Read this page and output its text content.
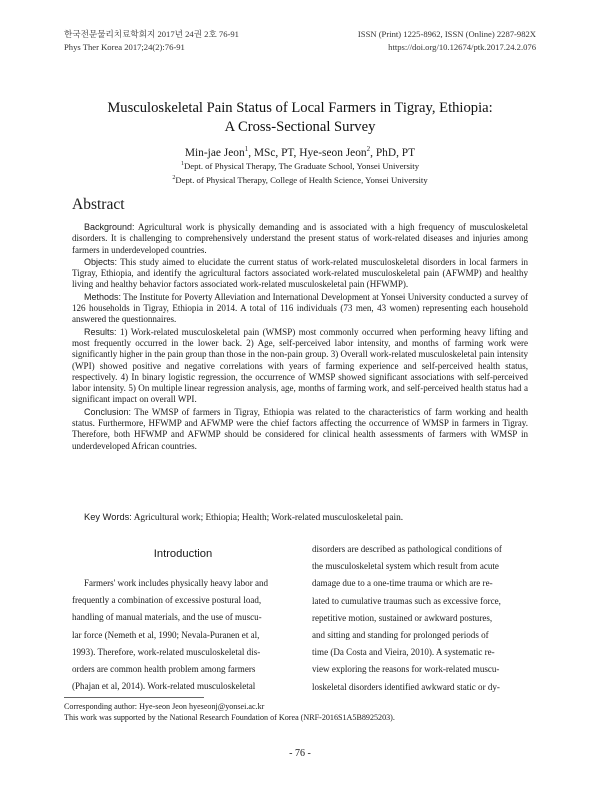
한국전문물리치료학회지 2017년 24권 2호 76-91
Phys Ther Korea 2017;24(2):76-91
ISSN (Print) 1225-8962, ISSN (Online) 2287-982X
https://doi.org/10.12674/ptk.2017.24.2.076
Musculoskeletal Pain Status of Local Farmers in Tigray, Ethiopia:
A Cross-Sectional Survey
Min-jae Jeon$^1$, MSc, PT, Hye-seon Jeon$^2$, PhD, PT
$^1$Dept. of Physical Therapy, The Graduate School, Yonsei University
$^2$Dept. of Physical Therapy, College of Health Science, Yonsei University
Abstract

Background: Agricultural work is physically demanding and is associated with a high frequency of musculoskeletal disorders. It is challenging to comprehensively understand the present status of work-related diseases and injuries among farmers in underdeveloped countries.

Objects: This study aimed to elucidate the current status of work-related musculoskeletal disorders in local farmers in Tigray, Ethiopia, and identify the agricultural factors associated work-related musculoskeletal pain (AFWMP) and healthy living and healthy behavior factors associated work-related musculoskeletal pain (HFWMP).

Methods: The Institute for Poverty Alleviation and International Development at Yonsei University conducted a survey of 126 households in Tigray, Ethiopia in 2014. A total of 116 individuals (73 men, 43 women) representing each household answered the questionnaires.

Results: 1) Work-related musculoskeletal pain (WMSP) most commonly occurred when performing heavy lifting and most frequently occurred in the lower back. 2) Age, self-perceived labor intensity, and months of farming work were significantly higher in the pain group than those in the non-pain group. 3) Overall work-related musculoskeletal pain intensity (WPI) showed positive and negative correlations with years of farming experience and self-perceived health status, respectively. 4) In binary logistic regression, the occurrence of WMSP showed significant associations with self-perceived labor intensity. 5) On multiple linear regression analysis, age, months of farming work, and self-perceived health status had a significant impact on overall WPI.

Conclusion: The WMSP of farmers in Tigray, Ethiopia was related to the characteristics of farm working and health status. Furthermore, HFWMP and AFWMP were the chief factors affecting the occurrence of WMSP in farmers in Tigray. Therefore, both HFWMP and AFWMP should be considered for clinical health assessments of farmers with WMSP in underdeveloped African countries.

Key Words: Agricultural work; Ethiopia; Health; Work-related musculoskeletal pain.
Introduction
Farmers' work includes physically heavy labor and
frequently a combination of excessive postural load,
handling of manual materials, and the use of muscu-
lar force (Nemeth et al, 1990; Nevala-Puranen et al,
1993). Therefore, work-related musculoskeletal dis-
orders are common health problem among farmers
(Phajan et al, 2014). Work-related musculoskeletal
disorders are described as pathological conditions of
the musculoskeletal system which result from acute
damage due to a one-time trauma or which are re-
lated to cumulative traumas such as excessive force,
repetitive motion, sustained or awkward postures,
and sitting and standing for prolonged periods of
time (Da Costa and Vieira, 2010). A systematic re-
view exploring the reasons for work-related muscu-
loskeletal disorders identified awkward static or dy-
Corresponding author: Hye-seon Jeon hyeseonj@yonsei.ac.kr
This work was supported by the National Research Foundation of Korea (NRF-2016S1A5B8925203).
- 76 -
